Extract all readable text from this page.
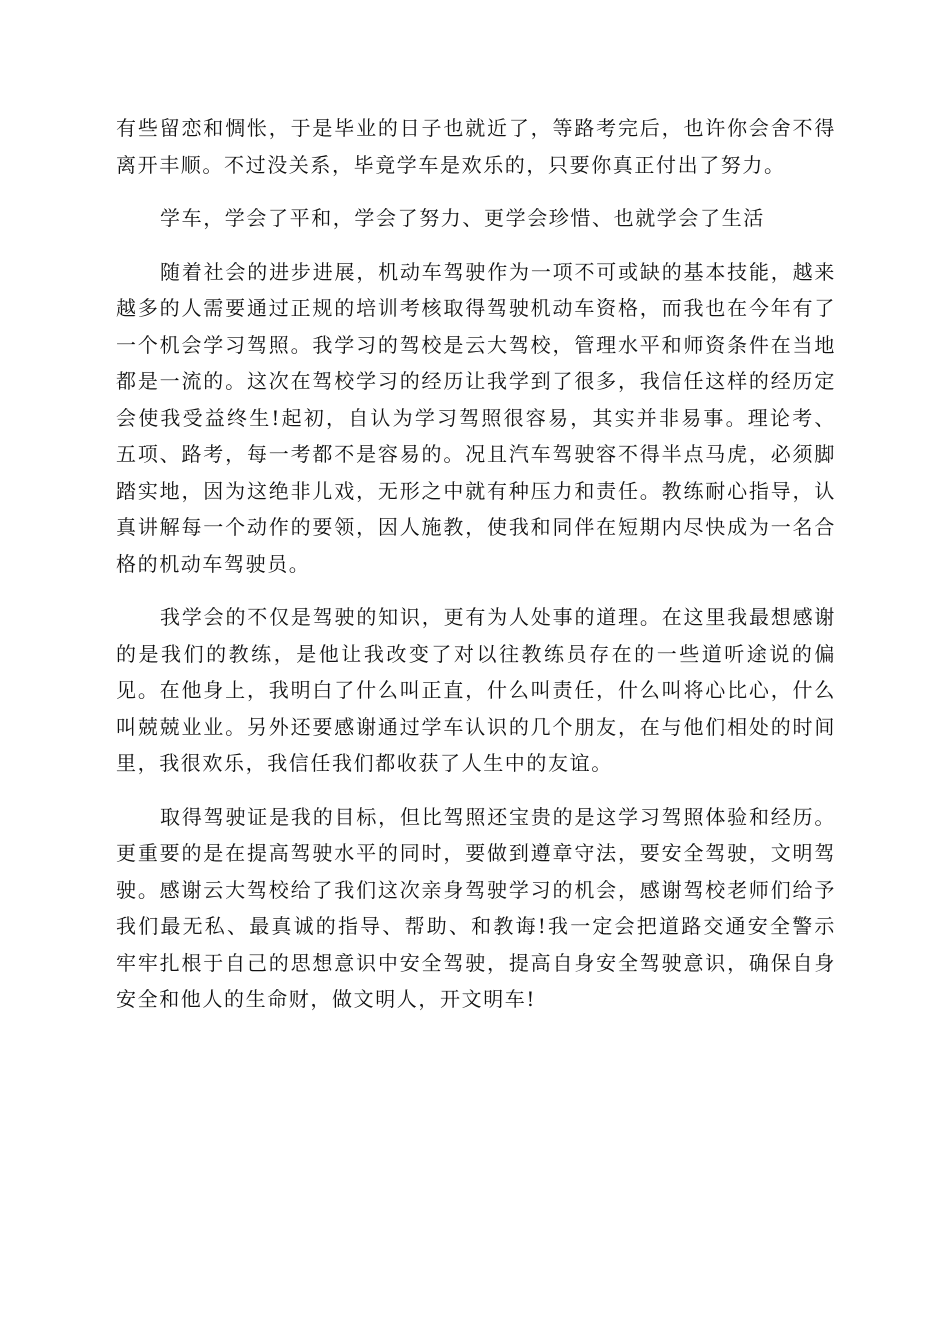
有些留恋和惆怅，于是毕业的日子也就近了，等路考完后，也许你会舍不得离开丰顺。不过没关系，毕竟学车是欢乐的，只要你真正付出了努力。

学车，学会了平和，学会了努力、更学会珍惜、也就学会了生活

随着社会的进步进展，机动车驾驶作为一项不可或缺的基本技能，越来越多的人需要通过正规的培训考核取得驾驶机动车资格，而我也在今年有了一个机会学习驾照。我学习的驾校是云大驾校，管理水平和师资条件在当地都是一流的。这次在驾校学习的经历让我学到了很多，我信任这样的经历定会使我受益终生!起初，自认为学习驾照很容易，其实并非易事。理论考、五项、路考，每一考都不是容易的。况且汽车驾驶容不得半点马虎，必须脚踏实地，因为这绝非儿戏，无形之中就有种压力和责任。教练耐心指导，认真讲解每一个动作的要领，因人施教，使我和同伴在短期内尽快成为一名合格的机动车驾驶员。

我学会的不仅是驾驶的知识，更有为人处事的道理。在这里我最想感谢的是我们的教练，是他让我改变了对以往教练员存在的一些道听途说的偏见。在他身上，我明白了什么叫正直，什么叫责任，什么叫将心比心，什么叫兢兢业业。另外还要感谢通过学车认识的几个朋友，在与他们相处的时间里，我很欢乐，我信任我们都收获了人生中的友谊。

取得驾驶证是我的目标，但比驾照还宝贵的是这学习驾照体验和经历。更重要的是在提高驾驶水平的同时，要做到遵章守法，要安全驾驶，文明驾驶。感谢云大驾校给了我们这次亲身驾驶学习的机会，感谢驾校老师们给予我们最无私、最真诚的指导、帮助、和教诲!我一定会把道路交通安全警示牢牢扎根于自己的思想意识中安全驾驶，提高自身安全驾驶意识，确保自身安全和他人的生命财，做文明人，开文明车!
